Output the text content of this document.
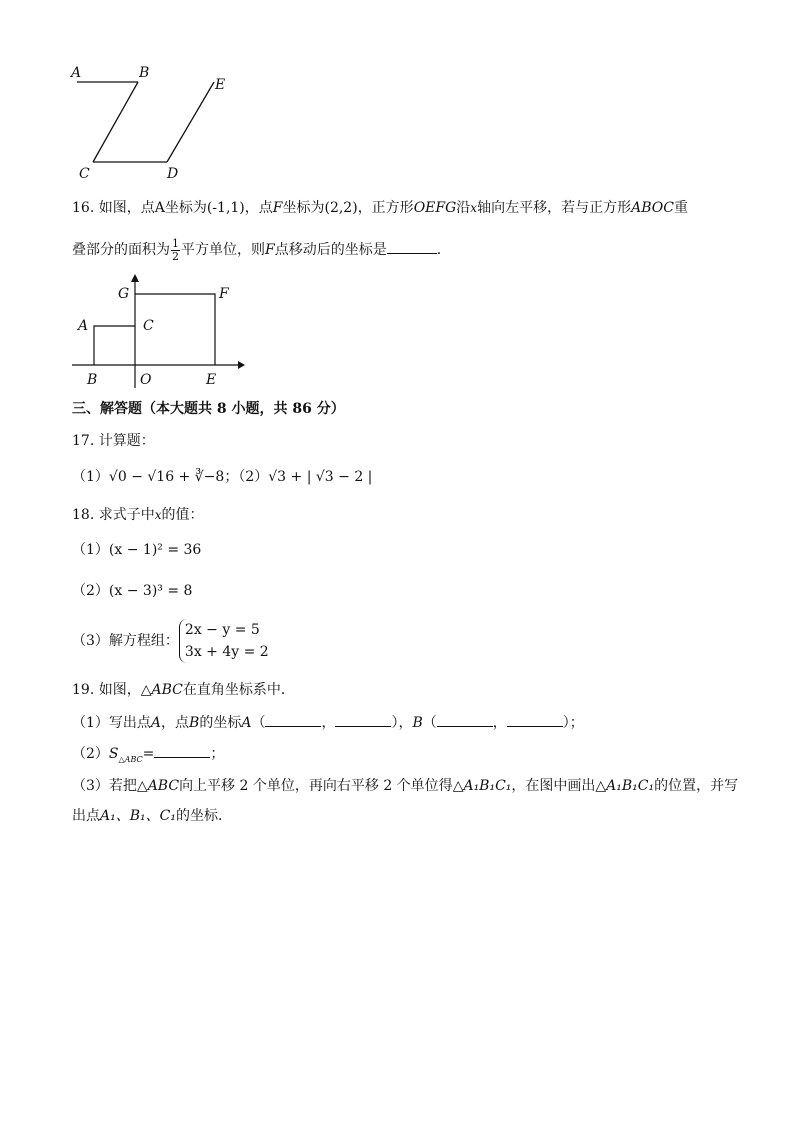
A	B
E
C	D
16. 如图，点A坐标为(-1,1)，点F坐标为(2,2)，正方形OEFG沿x轴向左平移，若与正方形ABOC重
叠部分的面积为 $\frac{1}{2}$ 平方单位，则F点移动后的坐标是	.
G	F
A	C
B	O	E
三、解答题（本大题共 8 小题，共 86 分）
17. 计算题：
（1）√0 − √16 + ∛−8；（2）√3 + | √3 − 2 |
18. 求式子中x的值：
（1）(x − 1)² = 36
（2）(x − 3)³ = 8
（3）解方程组：
2x − y = 5
3x + 4y = 2
19. 如图，△ABC在直角坐标系中．
（1）写出点A，点B的坐标A（	，	），B（	，	）；
$(2)S_{\triangle ABC}=$	；
（3）若把△ABC向上平移 2 个单位，再向右平移 2 个单位得△A₁B₁C₁，在图中画出△A₁B₁C₁的位置，并写
出点A₁、B₁、C₁的坐标．
